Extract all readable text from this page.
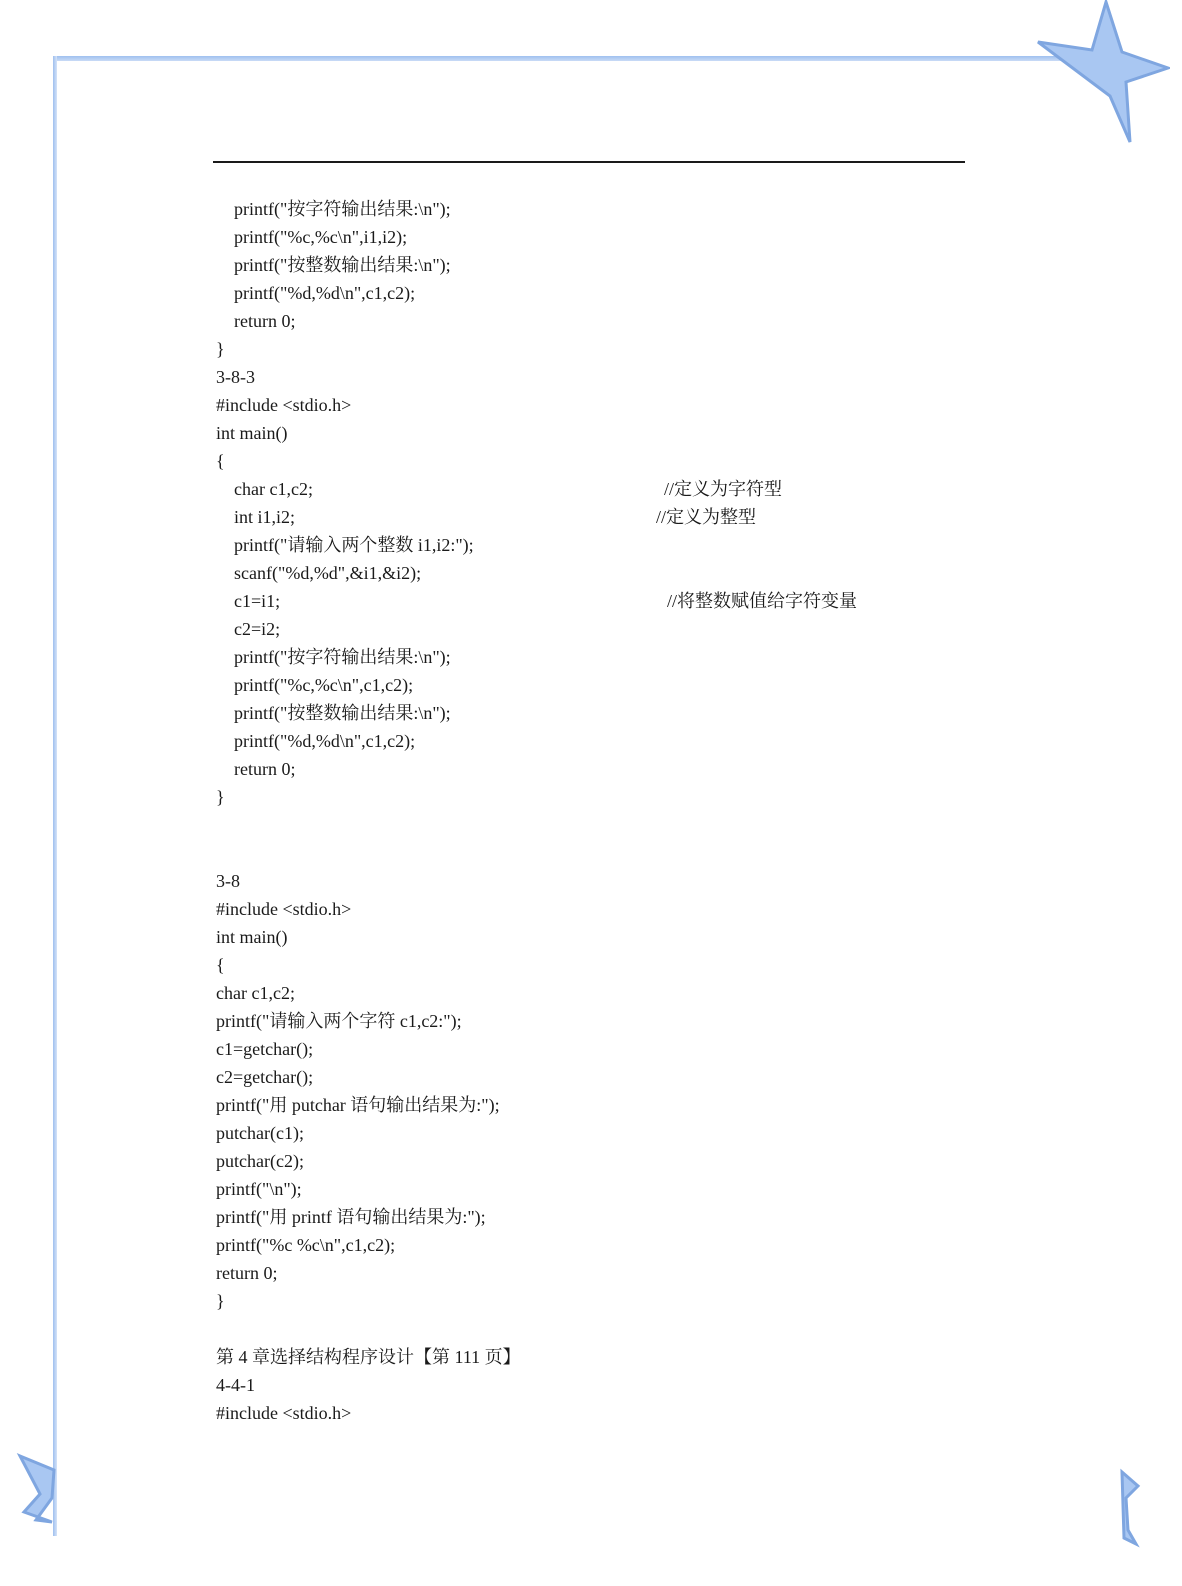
printf("按字符输出结果:\n");
printf("%c,%c\n",i1,i2);
printf("按整数输出结果:\n");
printf("%d,%d\n",c1,c2);
return 0;
}
3-8-3
#include <stdio.h>
int main()
{
char c1,c2;	//定义为字符型
int i1,i2;	//定义为整型
printf("请输入两个整数 i1,i2:");
scanf("%d,%d",&i1,&i2);
c1=i1;	//将整数赋值给字符变量
c2=i2;
printf("按字符输出结果:\n");
printf("%c,%c\n",c1,c2);
printf("按整数输出结果:\n");
printf("%d,%d\n",c1,c2);
return 0;
}
3-8
#include <stdio.h>
int main()
{
char c1,c2;
printf("请输入两个字符 c1,c2:");
c1=getchar();
c2=getchar();
printf("用 putchar 语句输出结果为:");
putchar(c1);
putchar(c2);
printf("\n");
printf("用 printf 语句输出结果为:");
printf("%c %c\n",c1,c2);
return 0;
}
第 4 章选择结构程序设计【第 111 页】
4-4-1
#include <stdio.h>
